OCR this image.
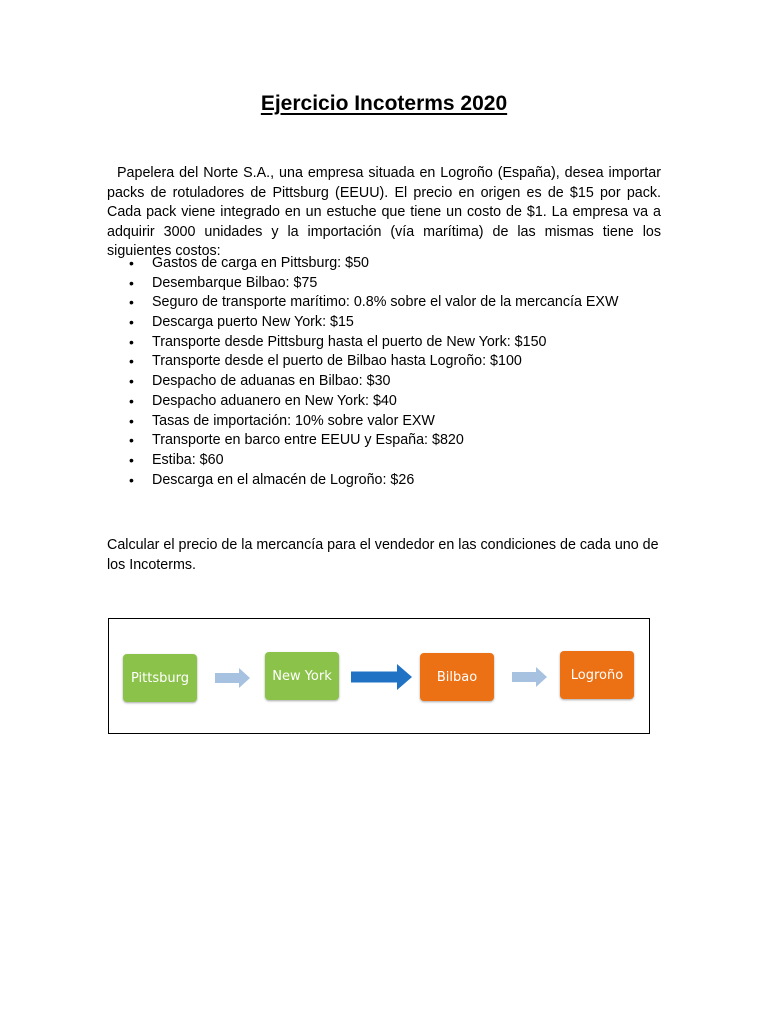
Ejercicio Incoterms 2020

Papelera del Norte S.A., una empresa situada en Logroño (España), desea importar packs de rotuladores de Pittsburg (EEUU). El precio en origen es de $15 por pack. Cada pack viene integrado en un estuche que tiene un costo de $1. La empresa va a adquirir 3000 unidades y la importación (vía marítima) de las mismas tiene los siguientes costos:

• Gastos de carga en Pittsburg: $50
• Desembarque Bilbao: $75
• Seguro de transporte marítimo: 0.8% sobre el valor de la mercancía EXW
• Descarga puerto New York: $15
• Transporte desde Pittsburg hasta el puerto de New York: $150
• Transporte desde el puerto de Bilbao hasta Logroño: $100
• Despacho de aduanas en Bilbao: $30
• Despacho aduanero en New York: $40
• Tasas de importación: 10% sobre valor EXW
• Transporte en barco entre EEUU y España: $820
• Estiba: $60
• Descarga en el almacén de Logroño: $26

Calcular el precio de la mercancía para el vendedor en las condiciones de cada uno de los Incoterms.

Pittsburg	New York	Bilbao	Logroño
